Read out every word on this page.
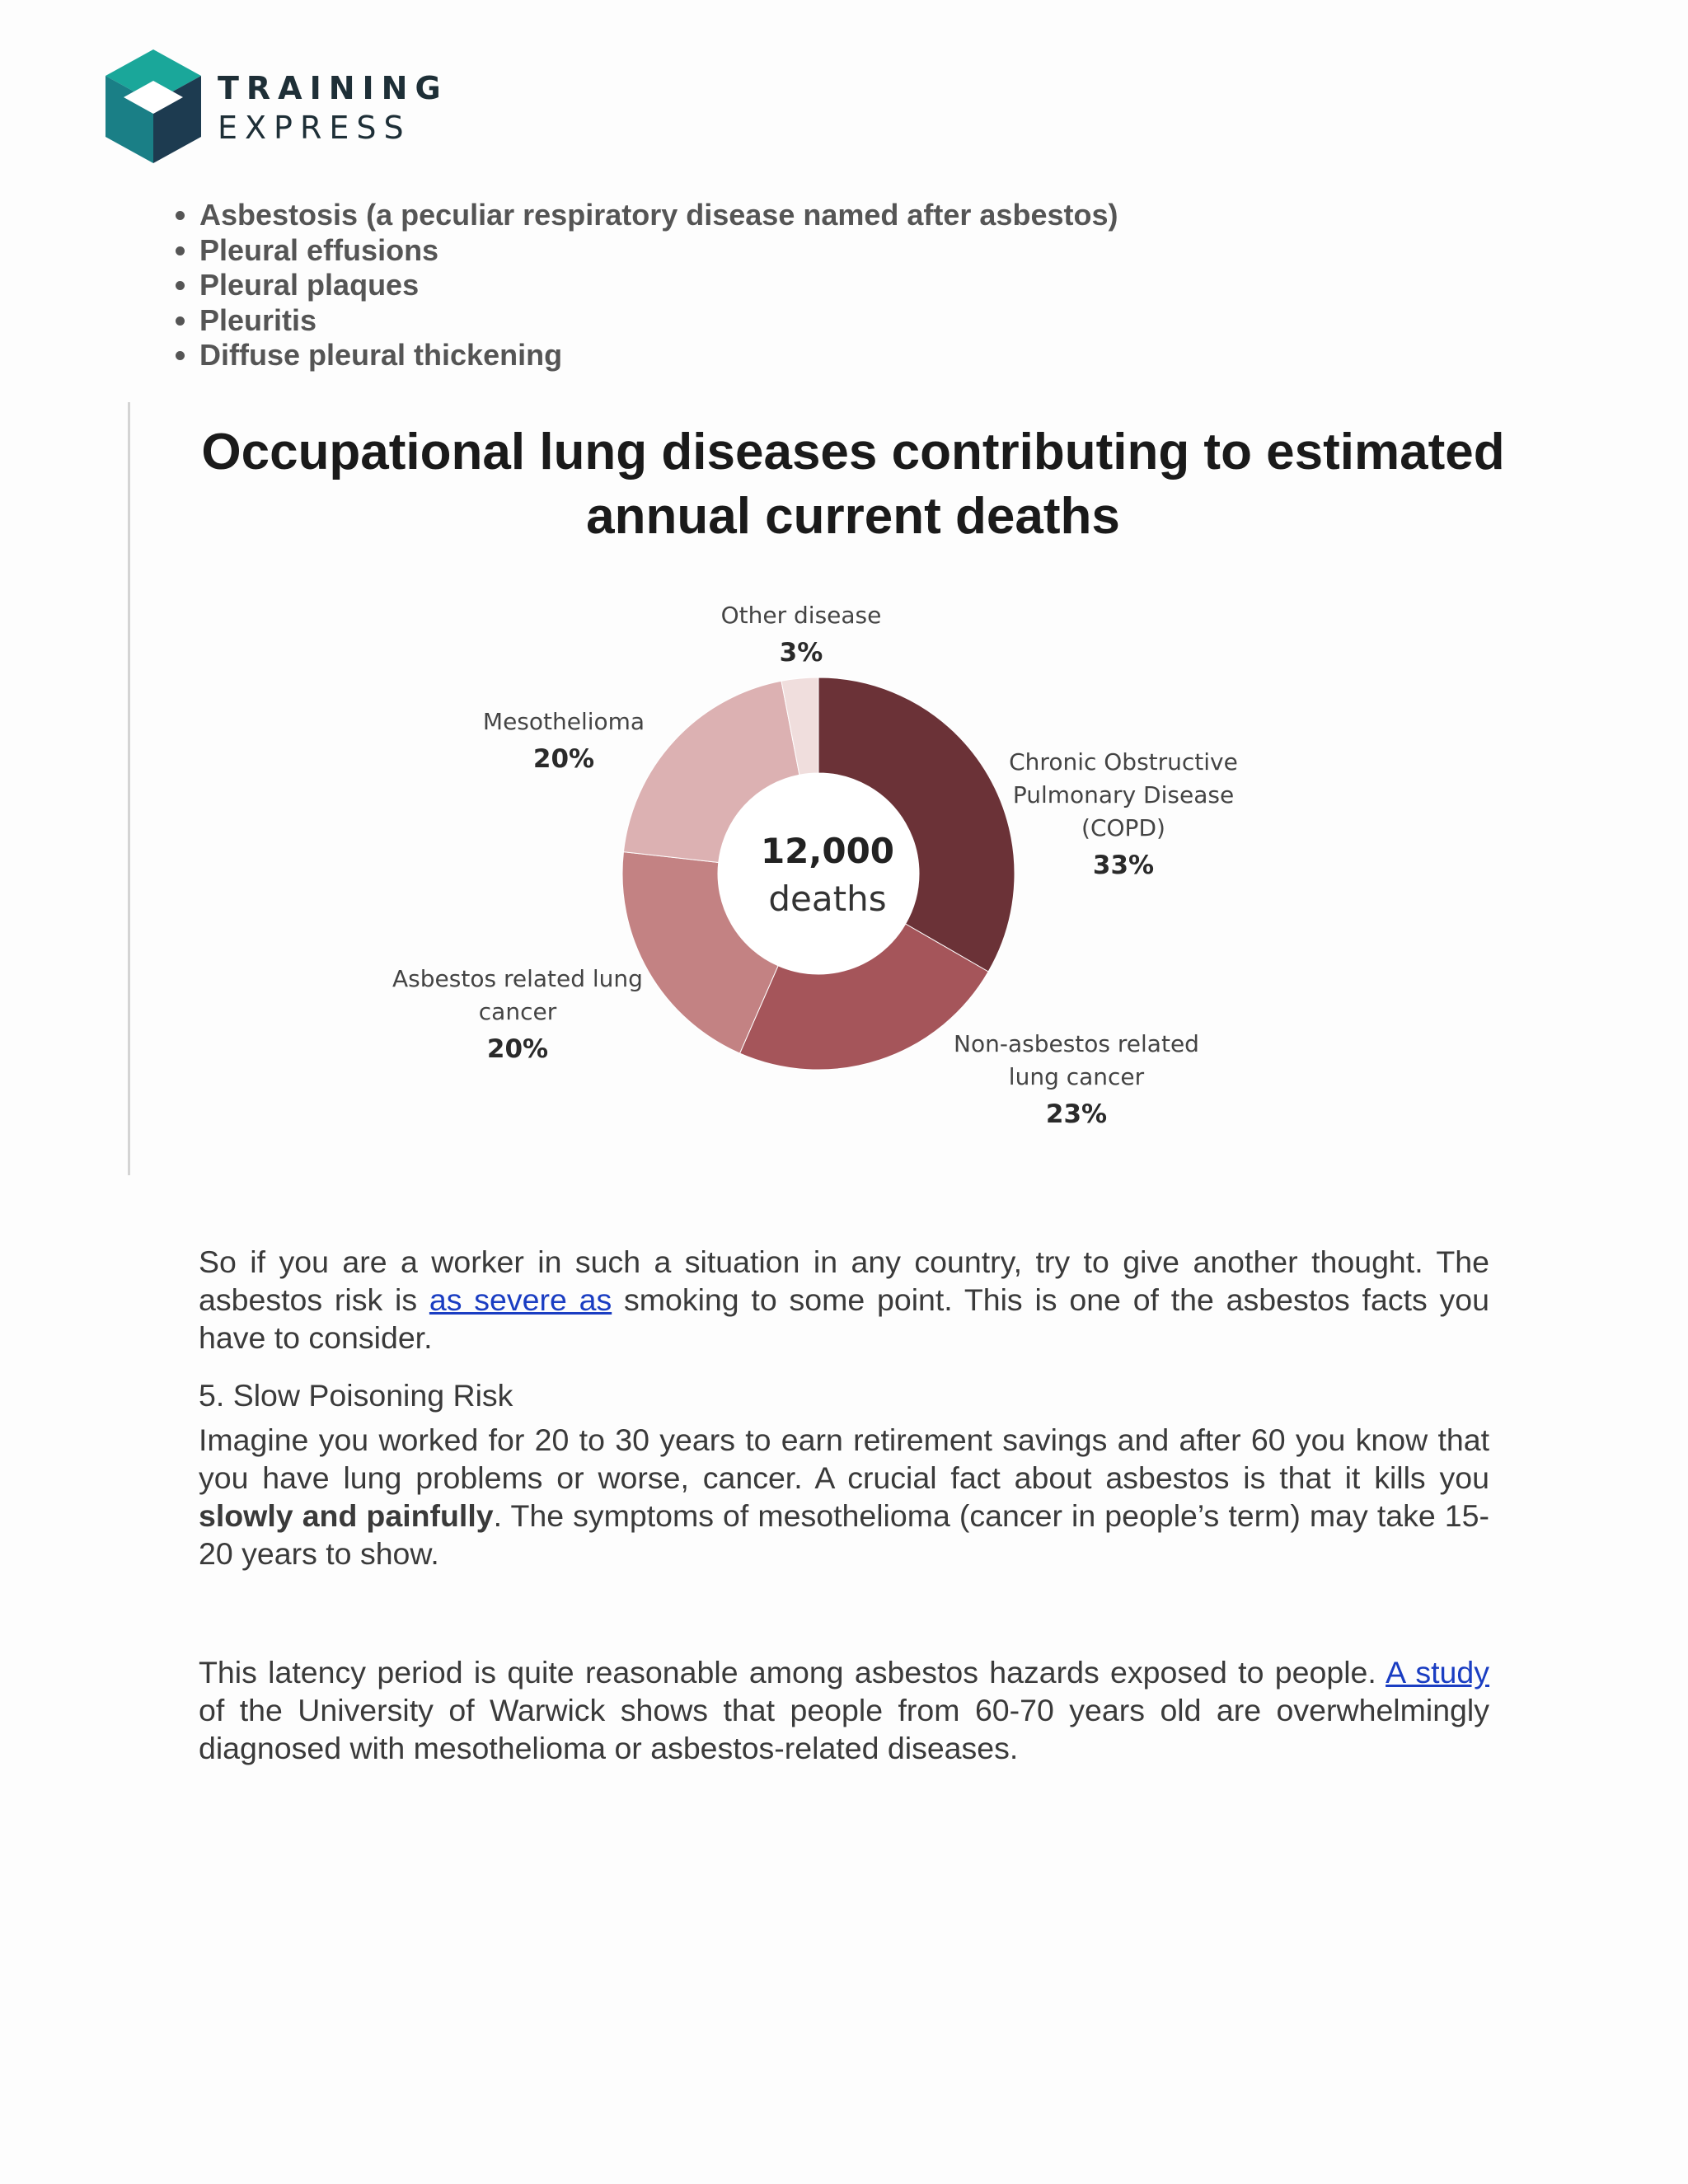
TRAINING
EXPRESS
• Asbestosis (a peculiar respiratory disease named after asbestos)
• Pleural effusions
• Pleural plaques
• Pleuritis
• Diffuse pleural thickening
Occupational lung diseases contributing to estimated
annual current deaths
Chronic Obstructive
Pulmonary Disease
(COPD)
33%
Non-asbestos related
lung cancer
23%
Asbestos related lung
cancer
20%
Mesothelioma
20%
Other disease
3%
12,000
deaths

So if you are a worker in such a situation in any country, try to give another thought. The asbestos risk is as severe as smoking to some point. This is one of the asbestos facts you have to consider.

5. Slow Poisoning Risk

Imagine you worked for 20 to 30 years to earn retirement savings and after 60 you know that you have lung problems or worse, cancer. A crucial fact about asbestos is that it kills you slowly and painfully. The symptoms of mesothelioma (cancer in people’s term) may take 15-20 years to show.

This latency period is quite reasonable among asbestos hazards exposed to people. A study of the University of Warwick shows that people from 60-70 years old are overwhelmingly diagnosed with mesothelioma or asbestos-related diseases.
